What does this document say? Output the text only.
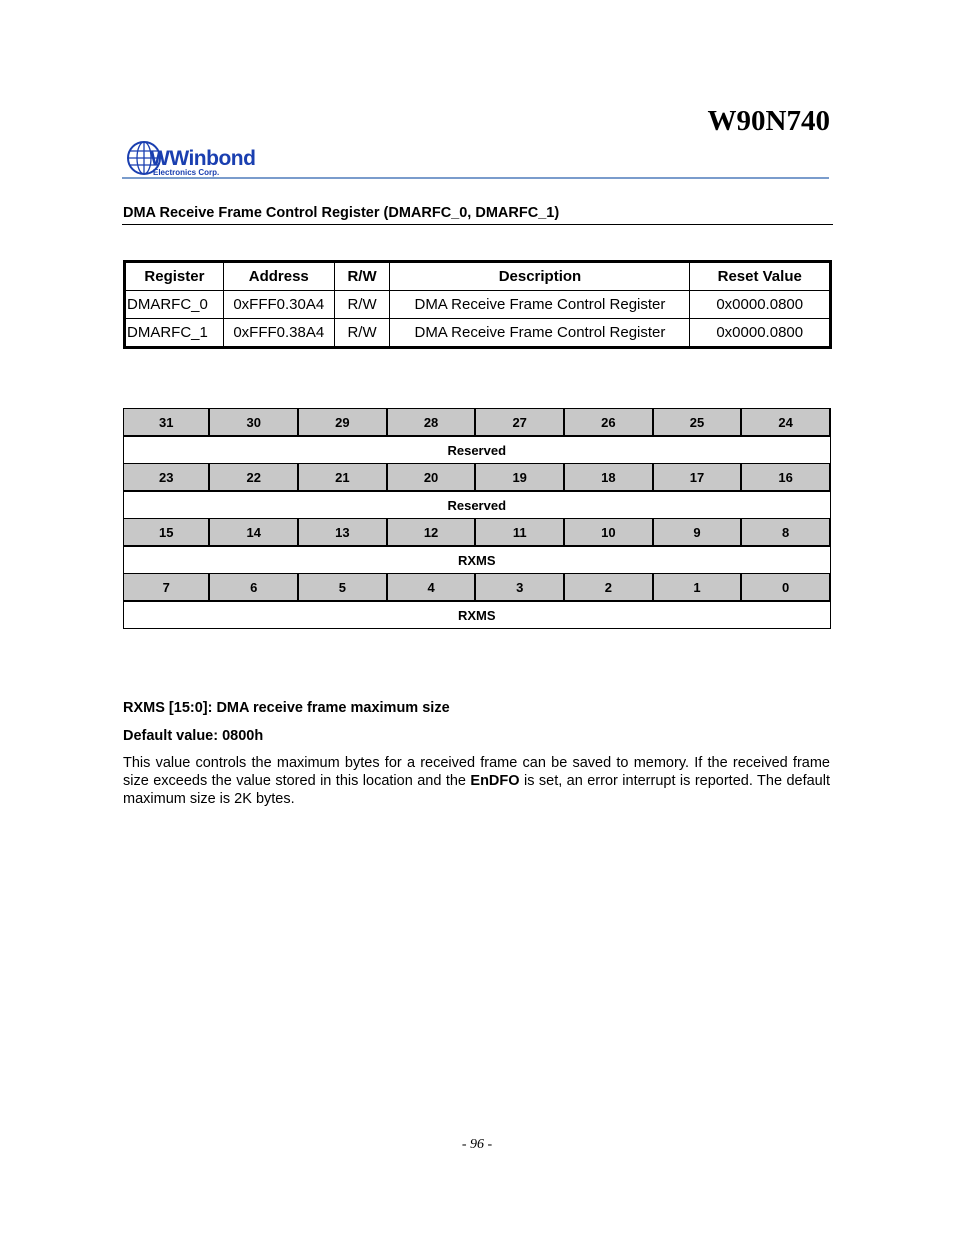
W90N740
WWinbond
Electronics Corp.
DMA Receive Frame Control Register (DMARFC_0, DMARFC_1)
Register	Address	R/W	Description	Reset Value
DMARFC_0	0xFFF0.30A4	R/W	DMA Receive Frame Control Register	0x0000.0800
DMARFC_1	0xFFF0.38A4	R/W	DMA Receive Frame Control Register	0x0000.0800
31	30	29	28	27	26	25	24
Reserved							
23	22	21	20	19	18	17	16
Reserved							
15	14	13	12	11	10	9	8
RXMS							
7	6	5	4	3	2	1	0
RXMS							
RXMS [15:0]: DMA receive frame maximum size
Default value: 0800h
This value controls the maximum bytes for a received frame can be saved to memory. If the received frame size exceeds the value stored in this location and the EnDFO is set, an error interrupt is reported. The default maximum size is 2K bytes.
- 96 -
